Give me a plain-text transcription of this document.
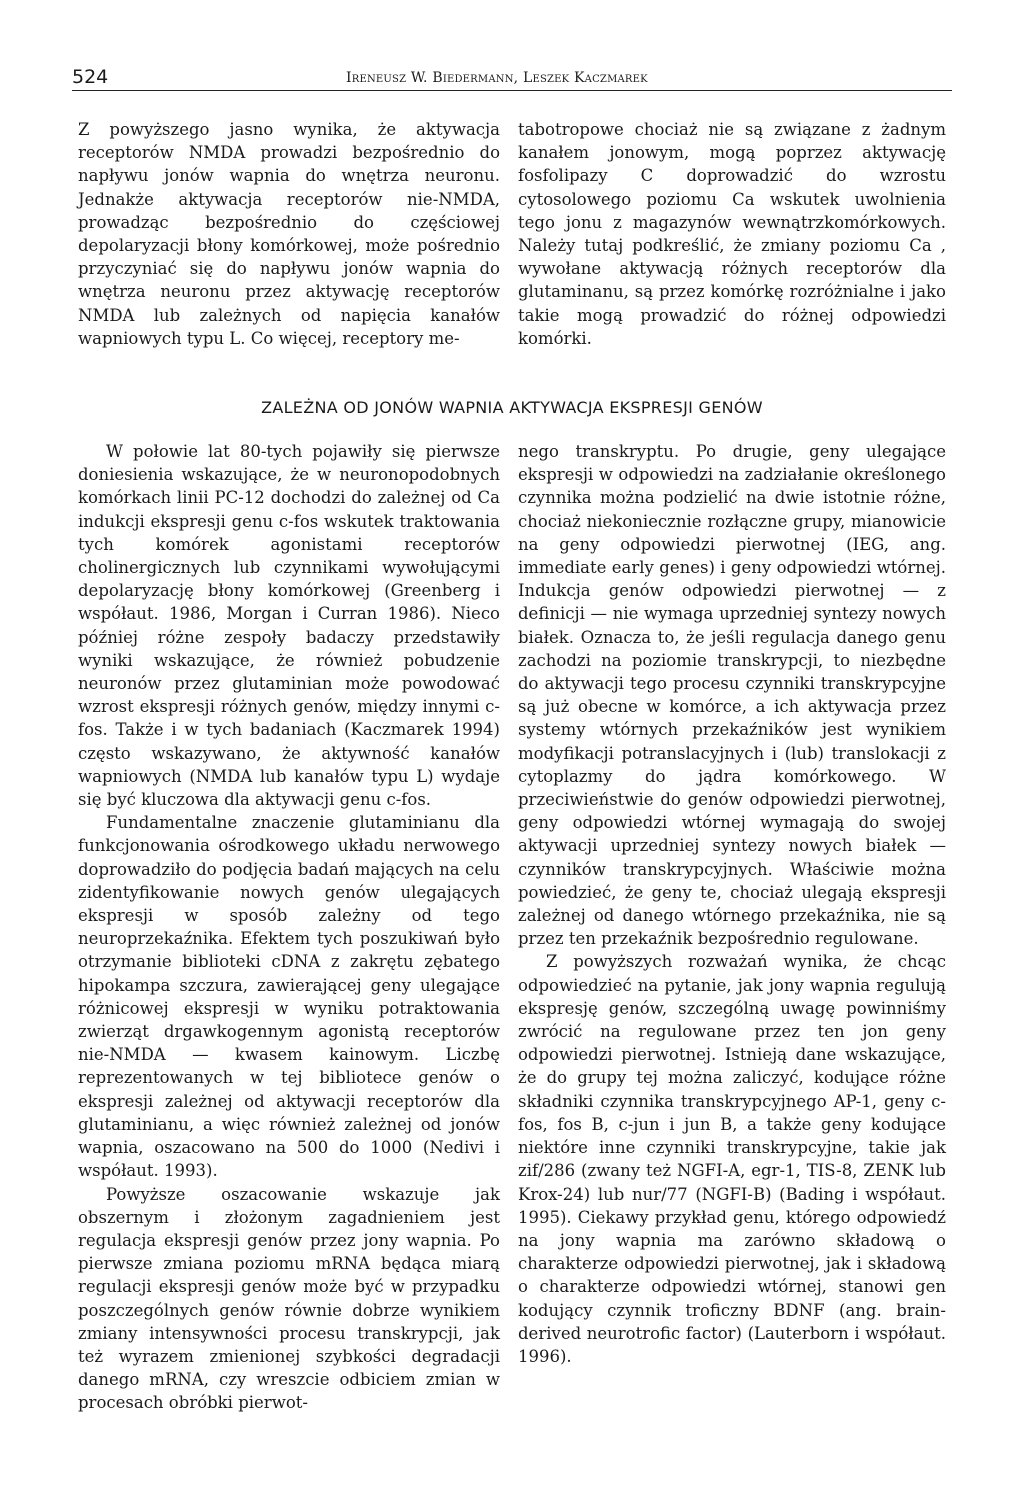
524	Ireneusz W. Biedermann, Leszek Kaczmarek

Z powyższego jasno wynika, że aktywacja receptorów NMDA prowadzi bezpośrednio do napływu jonów wapnia do wnętrza neuronu. Jednakże aktywacja receptorów nie-NMDA, prowadząc bezpośrednio do częściowej depolaryzacji błony komórkowej, może pośrednio przyczyniać się do napływu jonów wapnia do wnętrza neuronu przez aktywację receptorów NMDA lub zależnych od napięcia kanałów wapniowych typu L. Co więcej, receptory me-

tabotropowe chociaż nie są związane z żadnym kanałem jonowym, mogą poprzez aktywację fosfolipazy C doprowadzić do wzrostu cytosolowego poziomu Ca wskutek uwolnienia tego jonu z magazynów wewnątrzkomórkowych. Należy tutaj podkreślić, że zmiany poziomu Ca , wywołane aktywacją różnych receptorów dla glutaminanu, są przez komórkę rozróżnialne i jako takie mogą prowadzić do różnej odpowiedzi komórki.

ZALEŻNA OD JONÓW WAPNIA AKTYWACJA EKSPRESJI GENÓW

W połowie lat 80-tych pojawiły się pierwsze doniesienia wskazujące, że w neuronopodobnych komórkach linii PC-12 dochodzi do zależnej od Ca indukcji ekspresji genu c-fos wskutek traktowania tych komórek agonistami receptorów cholinergicznych lub czynnikami wywołującymi depolaryzację błony komórkowej (Greenberg i współaut. 1986, Morgan i Curran 1986). Nieco później różne zespoły badaczy przedstawiły wyniki wskazujące, że również pobudzenie neuronów przez glutaminian może powodować wzrost ekspresji różnych genów, między innymi c-fos. Także i w tych badaniach (Kaczmarek 1994) często wskazywano, że aktywność kanałów wapniowych (NMDA lub kanałów typu L) wydaje się być kluczowa dla aktywacji genu c-fos.

Fundamentalne znaczenie glutaminianu dla funkcjonowania ośrodkowego układu nerwowego doprowadziło do podjęcia badań mających na celu zidentyfikowanie nowych genów ulegających ekspresji w sposób zależny od tego neuroprzekaźnika. Efektem tych poszukiwań było otrzymanie biblioteki cDNA z zakrętu zębatego hipokampa szczura, zawierającej geny ulegające różnicowej ekspresji w wyniku potraktowania zwierząt drgawkogennym agonistą receptorów nie-NMDA — kwasem kainowym. Liczbę reprezentowanych w tej bibliotece genów o ekspresji zależnej od aktywacji receptorów dla glutaminianu, a więc również zależnej od jonów wapnia, oszacowano na 500 do 1000 (Nedivi i współaut. 1993).

Powyższe oszacowanie wskazuje jak obszernym i złożonym zagadnieniem jest regulacja ekspresji genów przez jony wapnia. Po pierwsze zmiana poziomu mRNA będąca miarą regulacji ekspresji genów może być w przypadku poszczególnych genów równie dobrze wynikiem zmiany intensywności procesu transkrypcji, jak też wyrazem zmienionej szybkości degradacji danego mRNA, czy wreszcie odbiciem zmian w procesach obróbki pierwot-

nego transkryptu. Po drugie, geny ulegające ekspresji w odpowiedzi na zadziałanie określonego czynnika można podzielić na dwie istotnie różne, chociaż niekoniecznie rozłączne grupy, mianowicie na geny odpowiedzi pierwotnej (IEG, ang. immediate early genes) i geny odpowiedzi wtórnej. Indukcja genów odpowiedzi pierwotnej — z definicji — nie wymaga uprzedniej syntezy nowych białek. Oznacza to, że jeśli regulacja danego genu zachodzi na poziomie transkrypcji, to niezbędne do aktywacji tego procesu czynniki transkrypcyjne są już obecne w komórce, a ich aktywacja przez systemy wtórnych przekaźników jest wynikiem modyfikacji potranslacyjnych i (lub) translokacji z cytoplazmy do jądra komórkowego. W przeciwieństwie do genów odpowiedzi pierwotnej, geny odpowiedzi wtórnej wymagają do swojej aktywacji uprzedniej syntezy nowych białek — czynników transkrypcyjnych. Właściwie można powiedzieć, że geny te, chociaż ulegają ekspresji zależnej od danego wtórnego przekaźnika, nie są przez ten przekaźnik bezpośrednio regulowane.

Z powyższych rozważań wynika, że chcąc odpowiedzieć na pytanie, jak jony wapnia regulują ekspresję genów, szczególną uwagę powinniśmy zwrócić na regulowane przez ten jon geny odpowiedzi pierwotnej. Istnieją dane wskazujące, że do grupy tej można zaliczyć, kodujące różne składniki czynnika transkrypcyjnego AP-1, geny c-fos, fos B, c-jun i jun B, a także geny kodujące niektóre inne czynniki transkrypcyjne, takie jak zif/286 (zwany też NGFI-A, egr-1, TIS-8, ZENK lub Krox-24) lub nur/77 (NGFI-B) (Bading i współaut. 1995). Ciekawy przykład genu, którego odpowiedź na jony wapnia ma zarówno składową o charakterze odpowiedzi pierwotnej, jak i składową o charakterze odpowiedzi wtórnej, stanowi gen kodujący czynnik troficzny BDNF (ang. brain-derived neurotrofic factor) (Lauterborn i współaut. 1996).
